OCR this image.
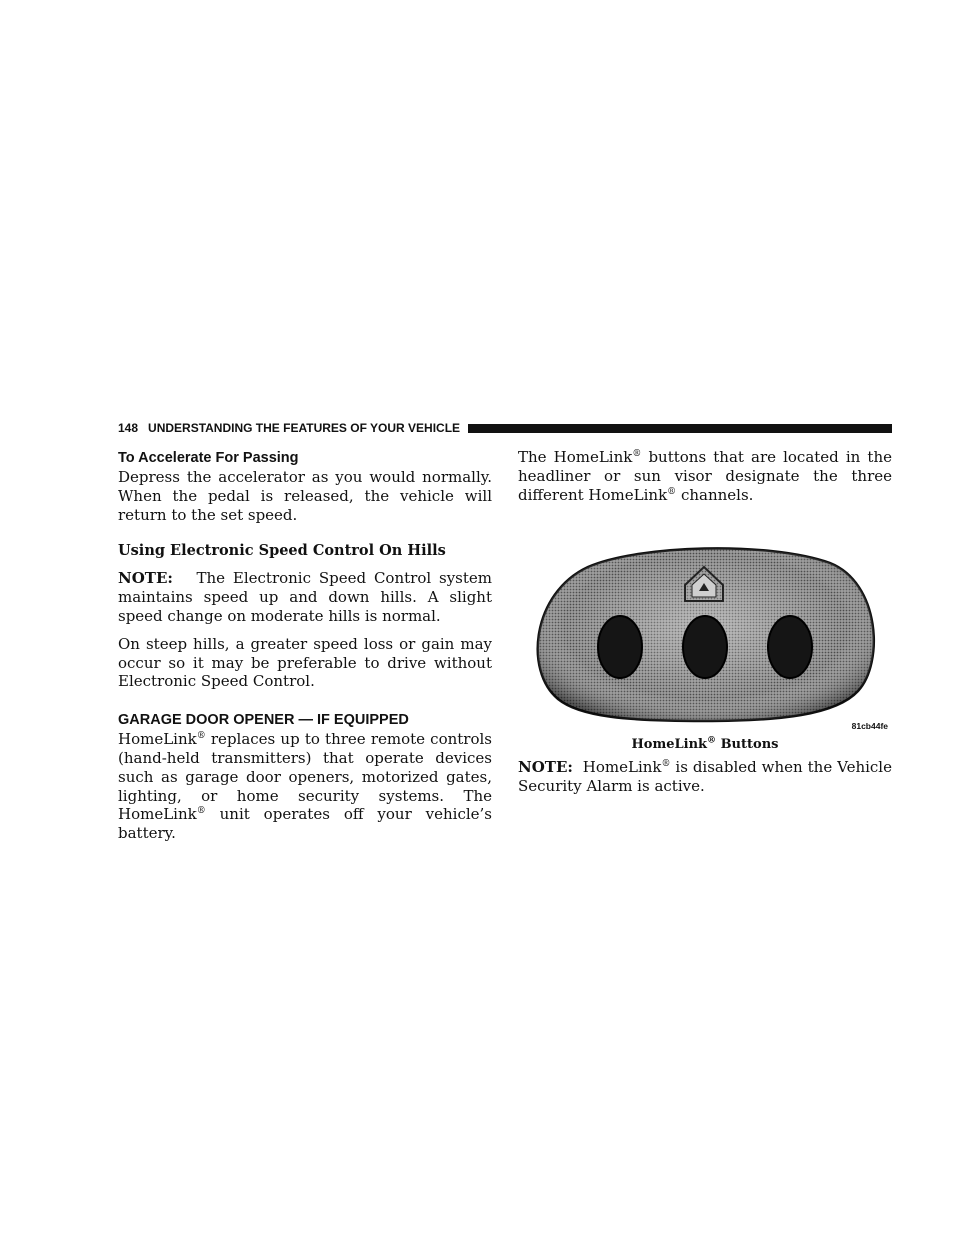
148 UNDERSTANDING THE FEATURES OF YOUR VEHICLE
To Accelerate For Passing

Depress the accelerator as you would normally. When the pedal is released, the vehicle will return to the set speed.

Using Electronic Speed Control On Hills

NOTE: The Electronic Speed Control system maintains speed up and down hills. A slight speed change on moderate hills is normal.

On steep hills, a greater speed loss or gain may occur so it may be preferable to drive without Electronic Speed Control.

GARAGE DOOR OPENER — IF EQUIPPED

HomeLink® replaces up to three remote controls (hand-held transmitters) that operate devices such as garage door openers, motorized gates, lighting, or home security systems. The HomeLink® unit operates off your vehicle’s battery.

The HomeLink® buttons that are located in the headliner or sun visor designate the three different HomeLink® channels.

81cb44fe
HomeLink® Buttons

NOTE: HomeLink® is disabled when the Vehicle Security Alarm is active.
